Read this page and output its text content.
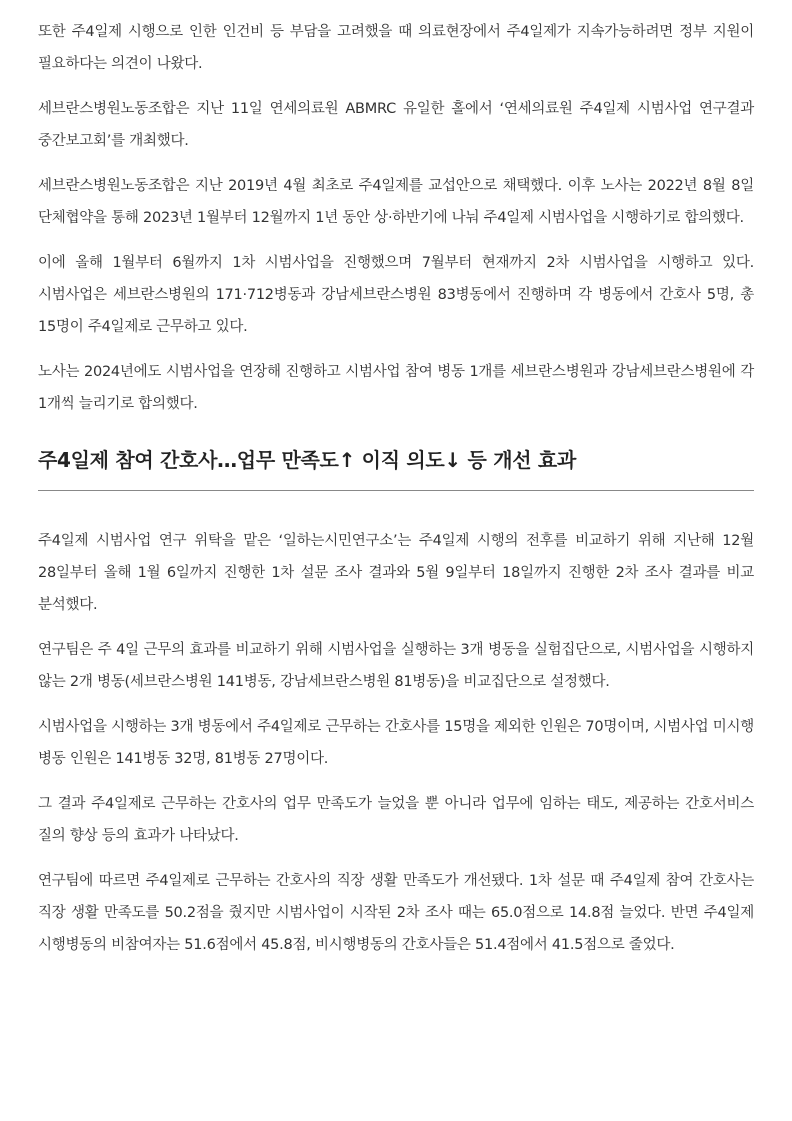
또한 주4일제 시행으로 인한 인건비 등 부담을 고려했을 때 의료현장에서 주4일제가 지속가능하려면 정부 지원이 필요하다는 의견이 나왔다.

세브란스병원노동조합은 지난 11일 연세의료원 ABMRC 유일한 홀에서 ‘연세의료원 주4일제 시범사업 연구결과 중간보고회’를 개최했다.

세브란스병원노동조합은 지난 2019년 4월 최초로 주4일제를 교섭안으로 채택했다. 이후 노사는 2022년 8월 8일 단체협약을 통해 2023년 1월부터 12월까지 1년 동안 상·하반기에 나눠 주4일제 시범사업을 시행하기로 합의했다.

이에 올해 1월부터 6월까지 1차 시범사업을 진행했으며 7월부터 현재까지 2차 시범사업을 시행하고 있다. 시범사업은 세브란스병원의 171·712병동과 강남세브란스병원 83병동에서 진행하며 각 병동에서 간호사 5명, 총 15명이 주4일제로 근무하고 있다.

노사는 2024년에도 시범사업을 연장해 진행하고 시범사업 참여 병동 1개를 세브란스병원과 강남세브란스병원에 각 1개씩 늘리기로 합의했다.

주4일제 참여 간호사…업무 만족도↑ 이직 의도↓ 등 개선 효과

주4일제 시범사업 연구 위탁을 맡은 ‘일하는시민연구소’는 주4일제 시행의 전후를 비교하기 위해 지난해 12월 28일부터 올해 1월 6일까지 진행한 1차 설문 조사 결과와 5월 9일부터 18일까지 진행한 2차 조사 결과를 비교 분석했다.

연구팀은 주 4일 근무의 효과를 비교하기 위해 시범사업을 실행하는 3개 병동을 실험집단으로, 시범사업을 시행하지 않는 2개 병동(세브란스병원 141병동, 강남세브란스병원 81병동)을 비교집단으로 설정했다.

시범사업을 시행하는 3개 병동에서 주4일제로 근무하는 간호사를 15명을 제외한 인원은 70명이며, 시범사업 미시행 병동 인원은 141병동 32명, 81병동 27명이다.

그 결과 주4일제로 근무하는 간호사의 업무 만족도가 늘었을 뿐 아니라 업무에 임하는 태도, 제공하는 간호서비스 질의 향상 등의 효과가 나타났다.

연구팀에 따르면 주4일제로 근무하는 간호사의 직장 생활 만족도가 개선됐다. 1차 설문 때 주4일제 참여 간호사는 직장 생활 만족도를 50.2점을 줬지만 시범사업이 시작된 2차 조사 때는 65.0점으로 14.8점 늘었다. 반면 주4일제 시행병동의 비참여자는 51.6점에서 45.8점, 비시행병동의 간호사들은 51.4점에서 41.5점으로 줄었다.
